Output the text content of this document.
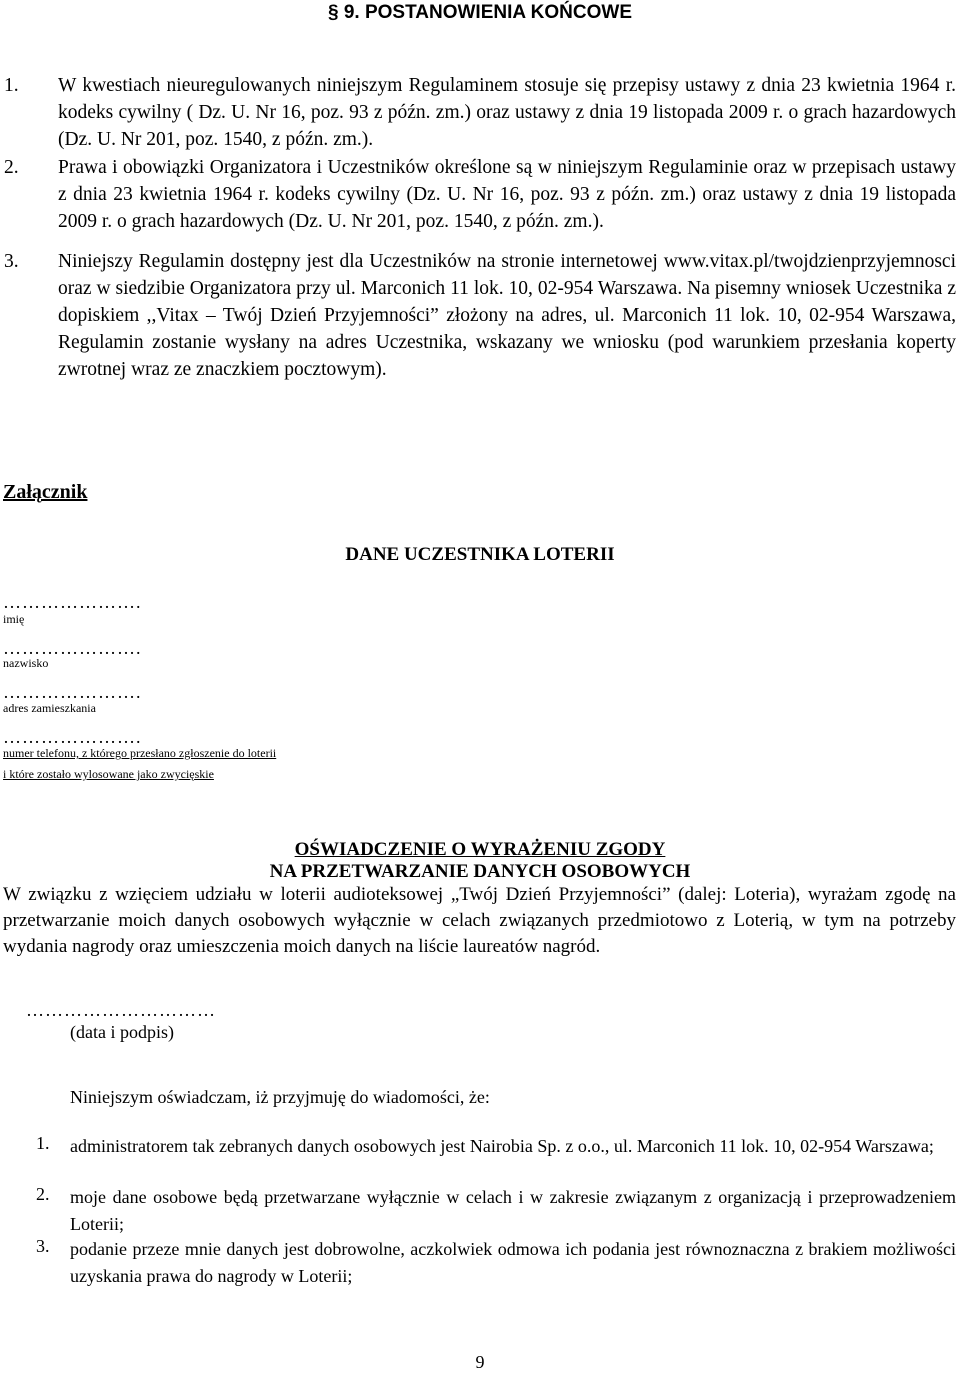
§ 9. POSTANOWIENIA KOŃCOWE
1. W kwestiach nieuregulowanych niniejszym Regulaminem stosuje się przepisy ustawy z dnia 23 kwietnia 1964 r. kodeks cywilny ( Dz. U. Nr 16, poz. 93 z późn. zm.) oraz ustawy z dnia 19 listopada 2009 r. o grach hazardowych (Dz. U. Nr 201, poz. 1540, z późn. zm.).
2. Prawa i obowiązki Organizatora i Uczestników określone są w niniejszym Regulaminie oraz w przepisach ustawy z dnia 23 kwietnia 1964 r. kodeks cywilny (Dz. U. Nr 16, poz. 93 z późn. zm.) oraz ustawy z dnia 19 listopada 2009 r. o grach hazardowych (Dz. U. Nr 201, poz. 1540, z późn. zm.).
3. Niniejszy Regulamin dostępny jest dla Uczestników na stronie internetowej www.vitax.pl/twojdzienprzyjemnosci oraz w siedzibie Organizatora przy ul. Marconich 11 lok. 10, 02-954 Warszawa. Na pisemny wniosek Uczestnika z dopiskiem ,,Vitax – Twój Dzień Przyjemności” złożony na adres, ul. Marconich 11 lok. 10, 02-954 Warszawa, Regulamin zostanie wysłany na adres Uczestnika, wskazany we wniosku (pod warunkiem przesłania koperty zwrotnej wraz ze znaczkiem pocztowym).
Załącznik
DANE UCZESTNIKA LOTERII
………………….
imię
………………….
nazwisko
………………….
adres zamieszkania
………………….
numer telefonu, z którego przesłano zgłoszenie do loterii
i które zostało wylosowane jako zwycięskie
OŚWIADCZENIE O WYRAŻENIU ZGODY
NA PRZETWARZANIE DANYCH OSOBOWYCH
W związku z wzięciem udziału w loterii audioteksowej „Twój Dzień Przyjemności” (dalej: Loteria), wyrażam zgodę na przetwarzanie moich danych osobowych wyłącznie w celach związanych przedmiotowo z Loterią, w tym na potrzeby wydania nagrody oraz umieszczenia moich danych na liście laureatów nagród.
…………………………
(data i podpis)
Niniejszym oświadczam, iż przyjmuję do wiadomości, że:
1. administratorem tak zebranych danych osobowych jest Nairobia Sp. z o.o., ul. Marconich 11 lok. 10, 02-954 Warszawa;
2. moje dane osobowe będą przetwarzane wyłącznie w celach i w zakresie związanym z organizacją i przeprowadzeniem Loterii;
3. podanie przeze mnie danych jest dobrowolne, aczkolwiek odmowa ich podania jest równoznaczna z brakiem możliwości uzyskania prawa do nagrody w Loterii;
9
